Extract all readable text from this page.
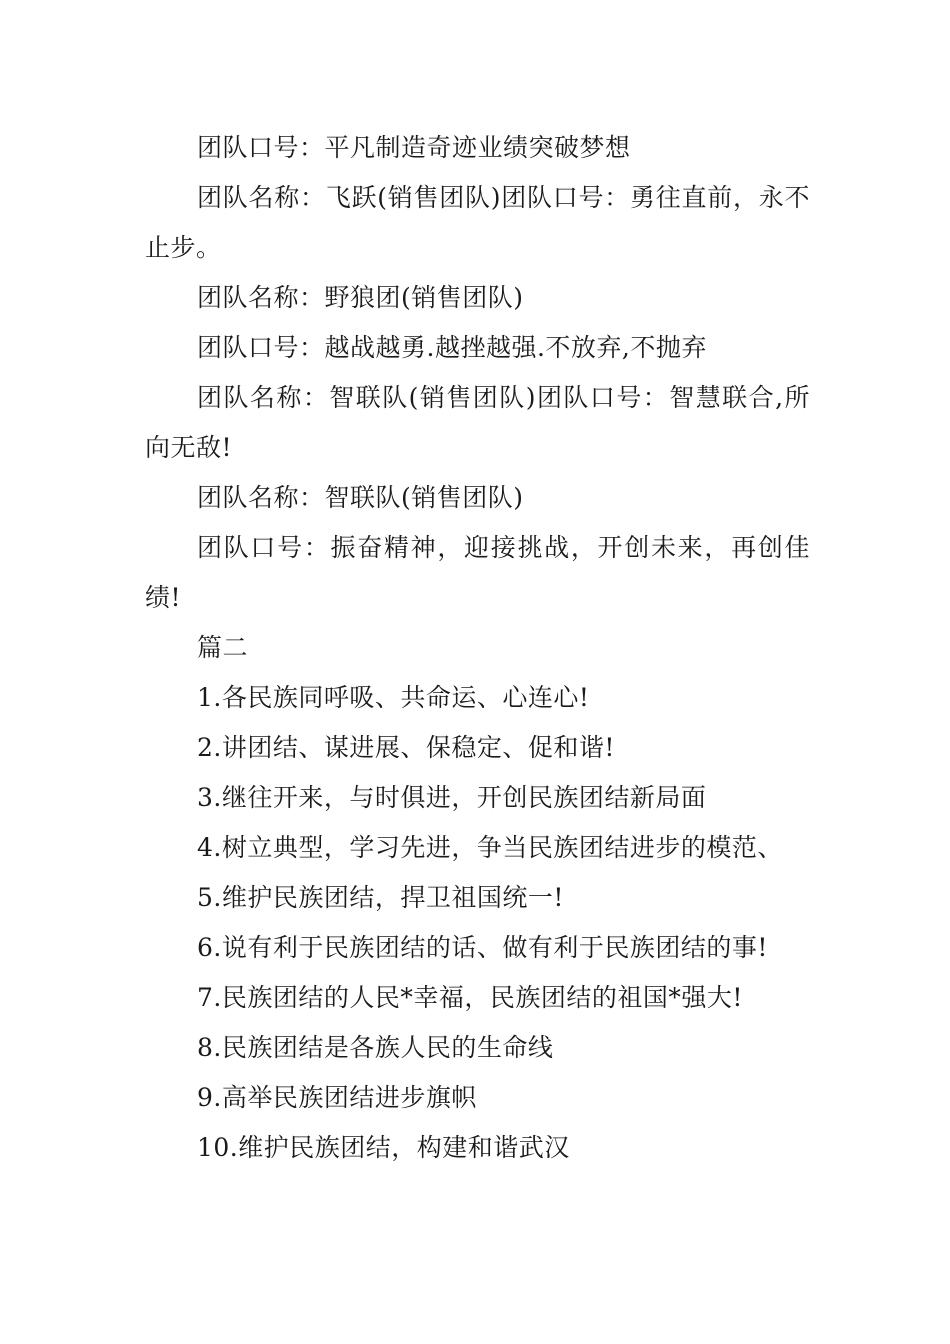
团队口号：平凡制造奇迹业绩突破梦想

团队名称：飞跃(销售团队)团队口号：勇往直前，永不止步。

团队名称：野狼团(销售团队)

团队口号：越战越勇.越挫越强.不放弃,不抛弃

团队名称：智联队(销售团队)团队口号：智慧联合,所向无敌!

团队名称：智联队(销售团队)

团队口号：振奋精神，迎接挑战，开创未来，再创佳绩!

篇二

1.各民族同呼吸、共命运、心连心!

2.讲团结、谋进展、保稳定、促和谐!

3.继往开来，与时俱进，开创民族团结新局面

4.树立典型，学习先进，争当民族团结进步的模范、

5.维护民族团结，捍卫祖国统一!

6.说有利于民族团结的话、做有利于民族团结的事!

7.民族团结的人民*幸福，民族团结的祖国*强大!

8.民族团结是各族人民的生命线

9.高举民族团结进步旗帜

10.维护民族团结，构建和谐武汉
